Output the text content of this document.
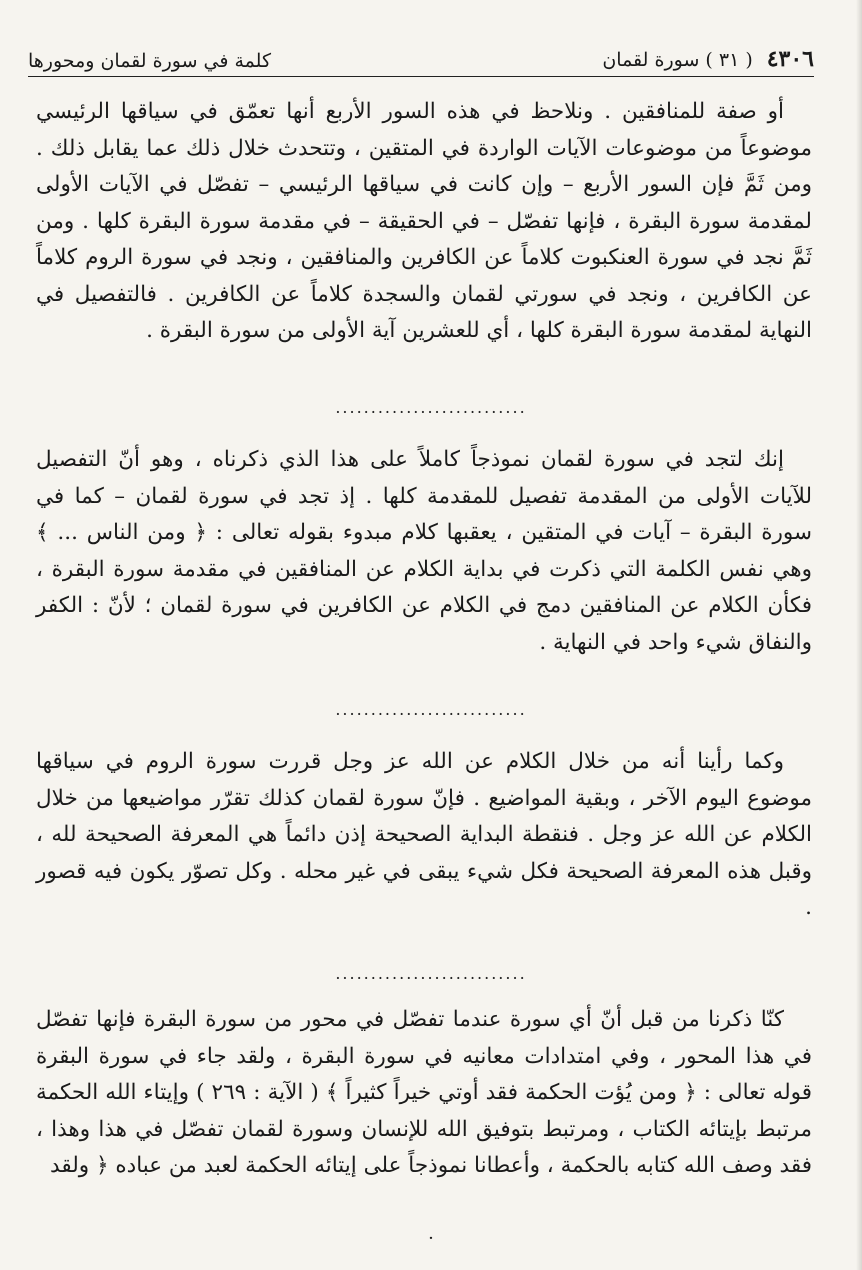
٤٣٠٦
( ٣١ ) سورة لقمان
كلمة في سورة لقمان ومحورها

أو صفة للمنافقين . ونلاحظ في هذه السور الأربع أنها تعمّق في سياقها الرئيسي موضوعاً من موضوعات الآيات الواردة في المتقين ، وتتحدث خلال ذلك عما يقابل ذلك . ومن ثَمَّ فإن السور الأربع – وإن كانت في سياقها الرئيسي – تفصّل في الآيات الأولى لمقدمة سورة البقرة ، فإنها تفصّل – في الحقيقة – في مقدمة سورة البقرة كلها . ومن ثَمَّ نجد في سورة العنكبوت كلاماً عن الكافرين والمنافقين ، ونجد في سورة الروم كلاماً عن الكافرين ، ونجد في سورتي لقمان والسجدة كلاماً عن الكافرين . فالتفصيل في النهاية لمقدمة سورة البقرة كلها ، أي للعشرين آية الأولى من سورة البقرة .

...........................

إنك لتجد في سورة لقمان نموذجاً كاملاً على هذا الذي ذكرناه ، وهو أنّ التفصيل للآيات الأولى من المقدمة تفصيل للمقدمة كلها . إذ تجد في سورة لقمان – كما في سورة البقرة – آيات في المتقين ، يعقبها كلام مبدوء بقوله تعالى : ﴿ ومن الناس ... ﴾ وهي نفس الكلمة التي ذكرت في بداية الكلام عن المنافقين في مقدمة سورة البقرة ، فكأن الكلام عن المنافقين دمج في الكلام عن الكافرين في سورة لقمان ؛ لأنّ : الكفر والنفاق شيء واحد في النهاية .

...........................

وكما رأينا أنه من خلال الكلام عن الله عز وجل قررت سورة الروم في سياقها موضوع اليوم الآخر ، وبقية المواضيع . فإنّ سورة لقمان كذلك تقرّر مواضيعها من خلال الكلام عن الله عز وجل . فنقطة البداية الصحيحة إذن دائماً هي المعرفة الصحيحة لله ، وقبل هذه المعرفة الصحيحة فكل شيء يبقى في غير محله . وكل تصوّر يكون فيه قصور .

...........................

كنّا ذكرنا من قبل أنّ أي سورة عندما تفصّل في محور من سورة البقرة فإنها تفصّل في هذا المحور ، وفي امتدادات معانيه في سورة البقرة ، ولقد جاء في سورة البقرة قوله تعالى : ﴿ ومن يُؤت الحكمة فقد أوتي خيراً كثيراً ﴾ ( الآية : ٢٦٩ ) وإيتاء الله الحكمة مرتبط بإيتائه الكتاب ، ومرتبط بتوفيق الله للإنسان وسورة لقمان تفصّل في هذا وهذا ، فقد وصف الله كتابه بالحكمة ، وأعطانا نموذجاً على إيتائه الحكمة لعبد من عباده ﴿ ولقد

·
